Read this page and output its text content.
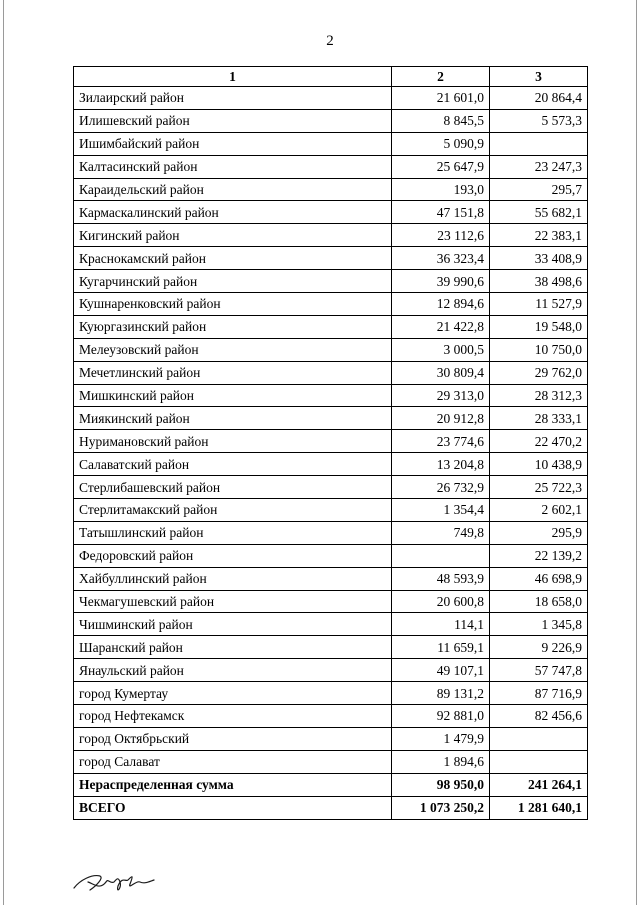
2
1	2	3
Зилаирский район	21 601,0	20 864,4
Илишевский район	8 845,5	5 573,3
Ишимбайский район	5 090,9	
Калтасинский район	25 647,9	23 247,3
Караидельский район	193,0	295,7
Кармаскалинский район	47 151,8	55 682,1
Кигинский район	23 112,6	22 383,1
Краснокамский район	36 323,4	33 408,9
Кугарчинский район	39 990,6	38 498,6
Кушнаренковский район	12 894,6	11 527,9
Куюргазинский район	21 422,8	19 548,0
Мелеузовский район	3 000,5	10 750,0
Мечетлинский район	30 809,4	29 762,0
Мишкинский район	29 313,0	28 312,3
Миякинский район	20 912,8	28 333,1
Нуримановский район	23 774,6	22 470,2
Салаватский район	13 204,8	10 438,9
Стерлибашевский район	26 732,9	25 722,3
Стерлитамакский район	1 354,4	2 602,1
Татышлинский район	749,8	295,9
Федоровский район		22 139,2
Хайбуллинский район	48 593,9	46 698,9
Чекмагушевский район	20 600,8	18 658,0
Чишминский район	114,1	1 345,8
Шаранский район	11 659,1	9 226,9
Янаульский район	49 107,1	57 747,8
город Кумертау	89 131,2	87 716,9
город Нефтекамск	92 881,0	82 456,6
город Октябрьский	1 479,9	
город Салават	1 894,6	
Нераспределенная сумма	98 950,0	241 264,1
ВСЕГО	1 073 250,2	1 281 640,1
